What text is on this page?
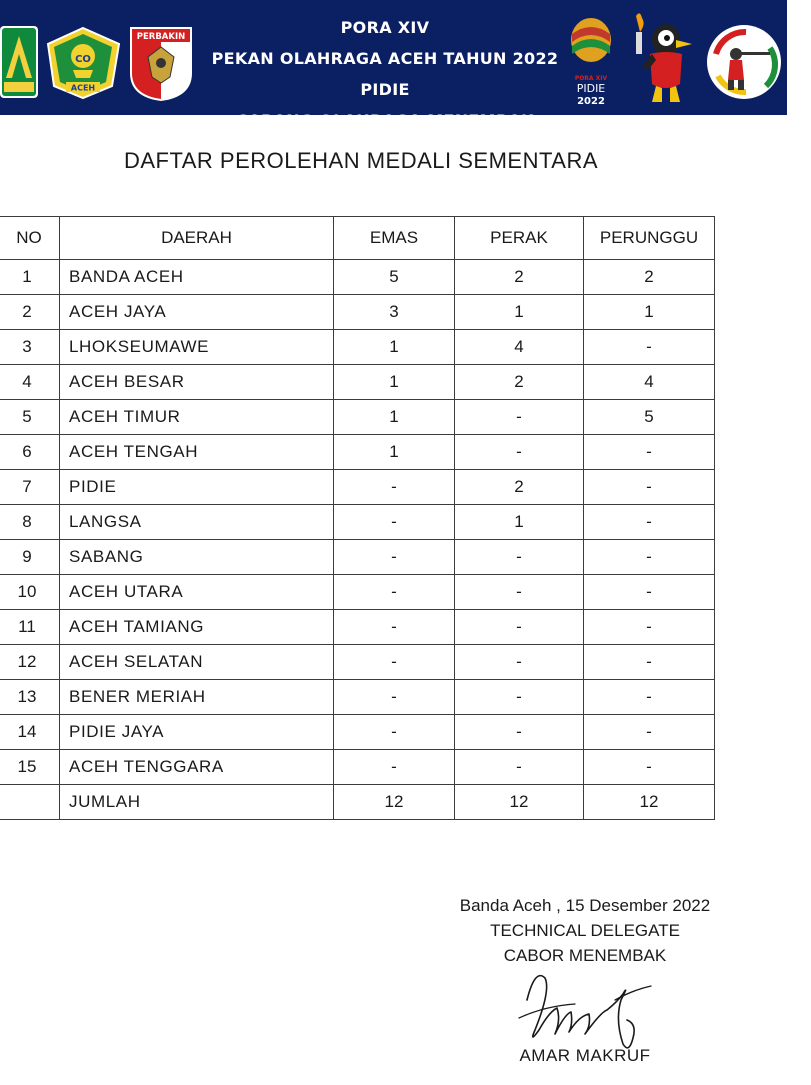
CO
ACEH
PERBAKIN	PORA XIV
PEKAN OLAHRAGA ACEH TAHUN 2022 PIDIE
CABANG OLAHRAGA MENEMBAK
PORA XIV
PIDIE
2022
DAFTAR PEROLEHAN MEDALI SEMENTARA
NO	DAERAH	EMAS	PERAK	PERUNGGU
1	BANDA ACEH	5	2	2
2	ACEH JAYA	3	1	1
3	LHOKSEUMAWE	1	4	-
4	ACEH BESAR	1	2	4
5	ACEH TIMUR	1	-	5
6	ACEH TENGAH	1	-	-
7	PIDIE	-	2	-
8	LANGSA	-	1	-
9	SABANG	-	-	-
10	ACEH UTARA	-	-	-
11	ACEH TAMIANG	-	-	-
12	ACEH SELATAN	-	-	-
13	BENER MERIAH	-	-	-
14	PIDIE JAYA	-	-	-
15	ACEH TENGGARA	-	-	-
	JUMLAH	12	12	12
Banda Aceh , 15 Desember 2022
TECHNICAL DELEGATE
CABOR MENEMBAK
AMAR MAKRUF
